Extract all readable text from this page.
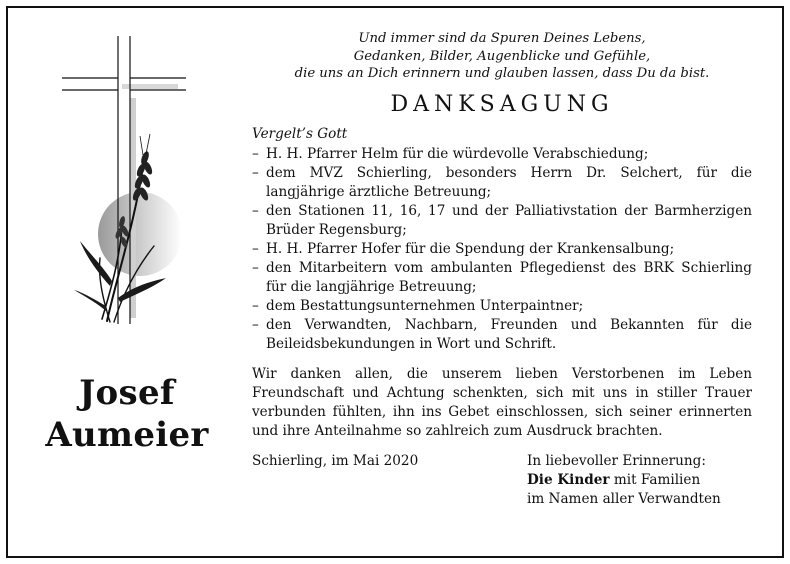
Josef
Aumeier
Und immer sind da Spuren Deines Lebens,
Gedanken, Bilder, Augenblicke und Gefühle,
die uns an Dich erinnern und glauben lassen, dass Du da bist.
DANKSAGUNG
Vergelt’s Gott
– H. H. Pfarrer Helm für die würdevolle Verabschiedung;
– dem MVZ Schierling, besonders Herrn Dr. Selchert, für die langjährige ärztliche Betreuung;
– den Stationen 11, 16, 17 und der Palliativstation der Barmherzigen Brüder Regensburg;
– H. H. Pfarrer Hofer für die Spendung der Krankensalbung;
– den Mitarbeitern vom ambulanten Pflegedienst des BRK Schierling für die langjährige Betreuung;
– dem Bestattungsunternehmen Unterpaintner;
– den Verwandten, Nachbarn, Freunden und Bekannten für die Beileidsbekundungen in Wort und Schrift.
Wir danken allen, die unserem lieben Verstorbenen im Leben Freundschaft und Achtung schenkten, sich mit uns in stiller Trauer verbunden fühlten, ihn ins Gebet einschlossen, sich seiner erinnerten und ihre Anteilnahme so zahlreich zum Ausdruck brachten.
Schierling, im Mai 2020	In liebevoller Erinnerung:
Die Kinder mit Familien
im Namen aller Verwandten
